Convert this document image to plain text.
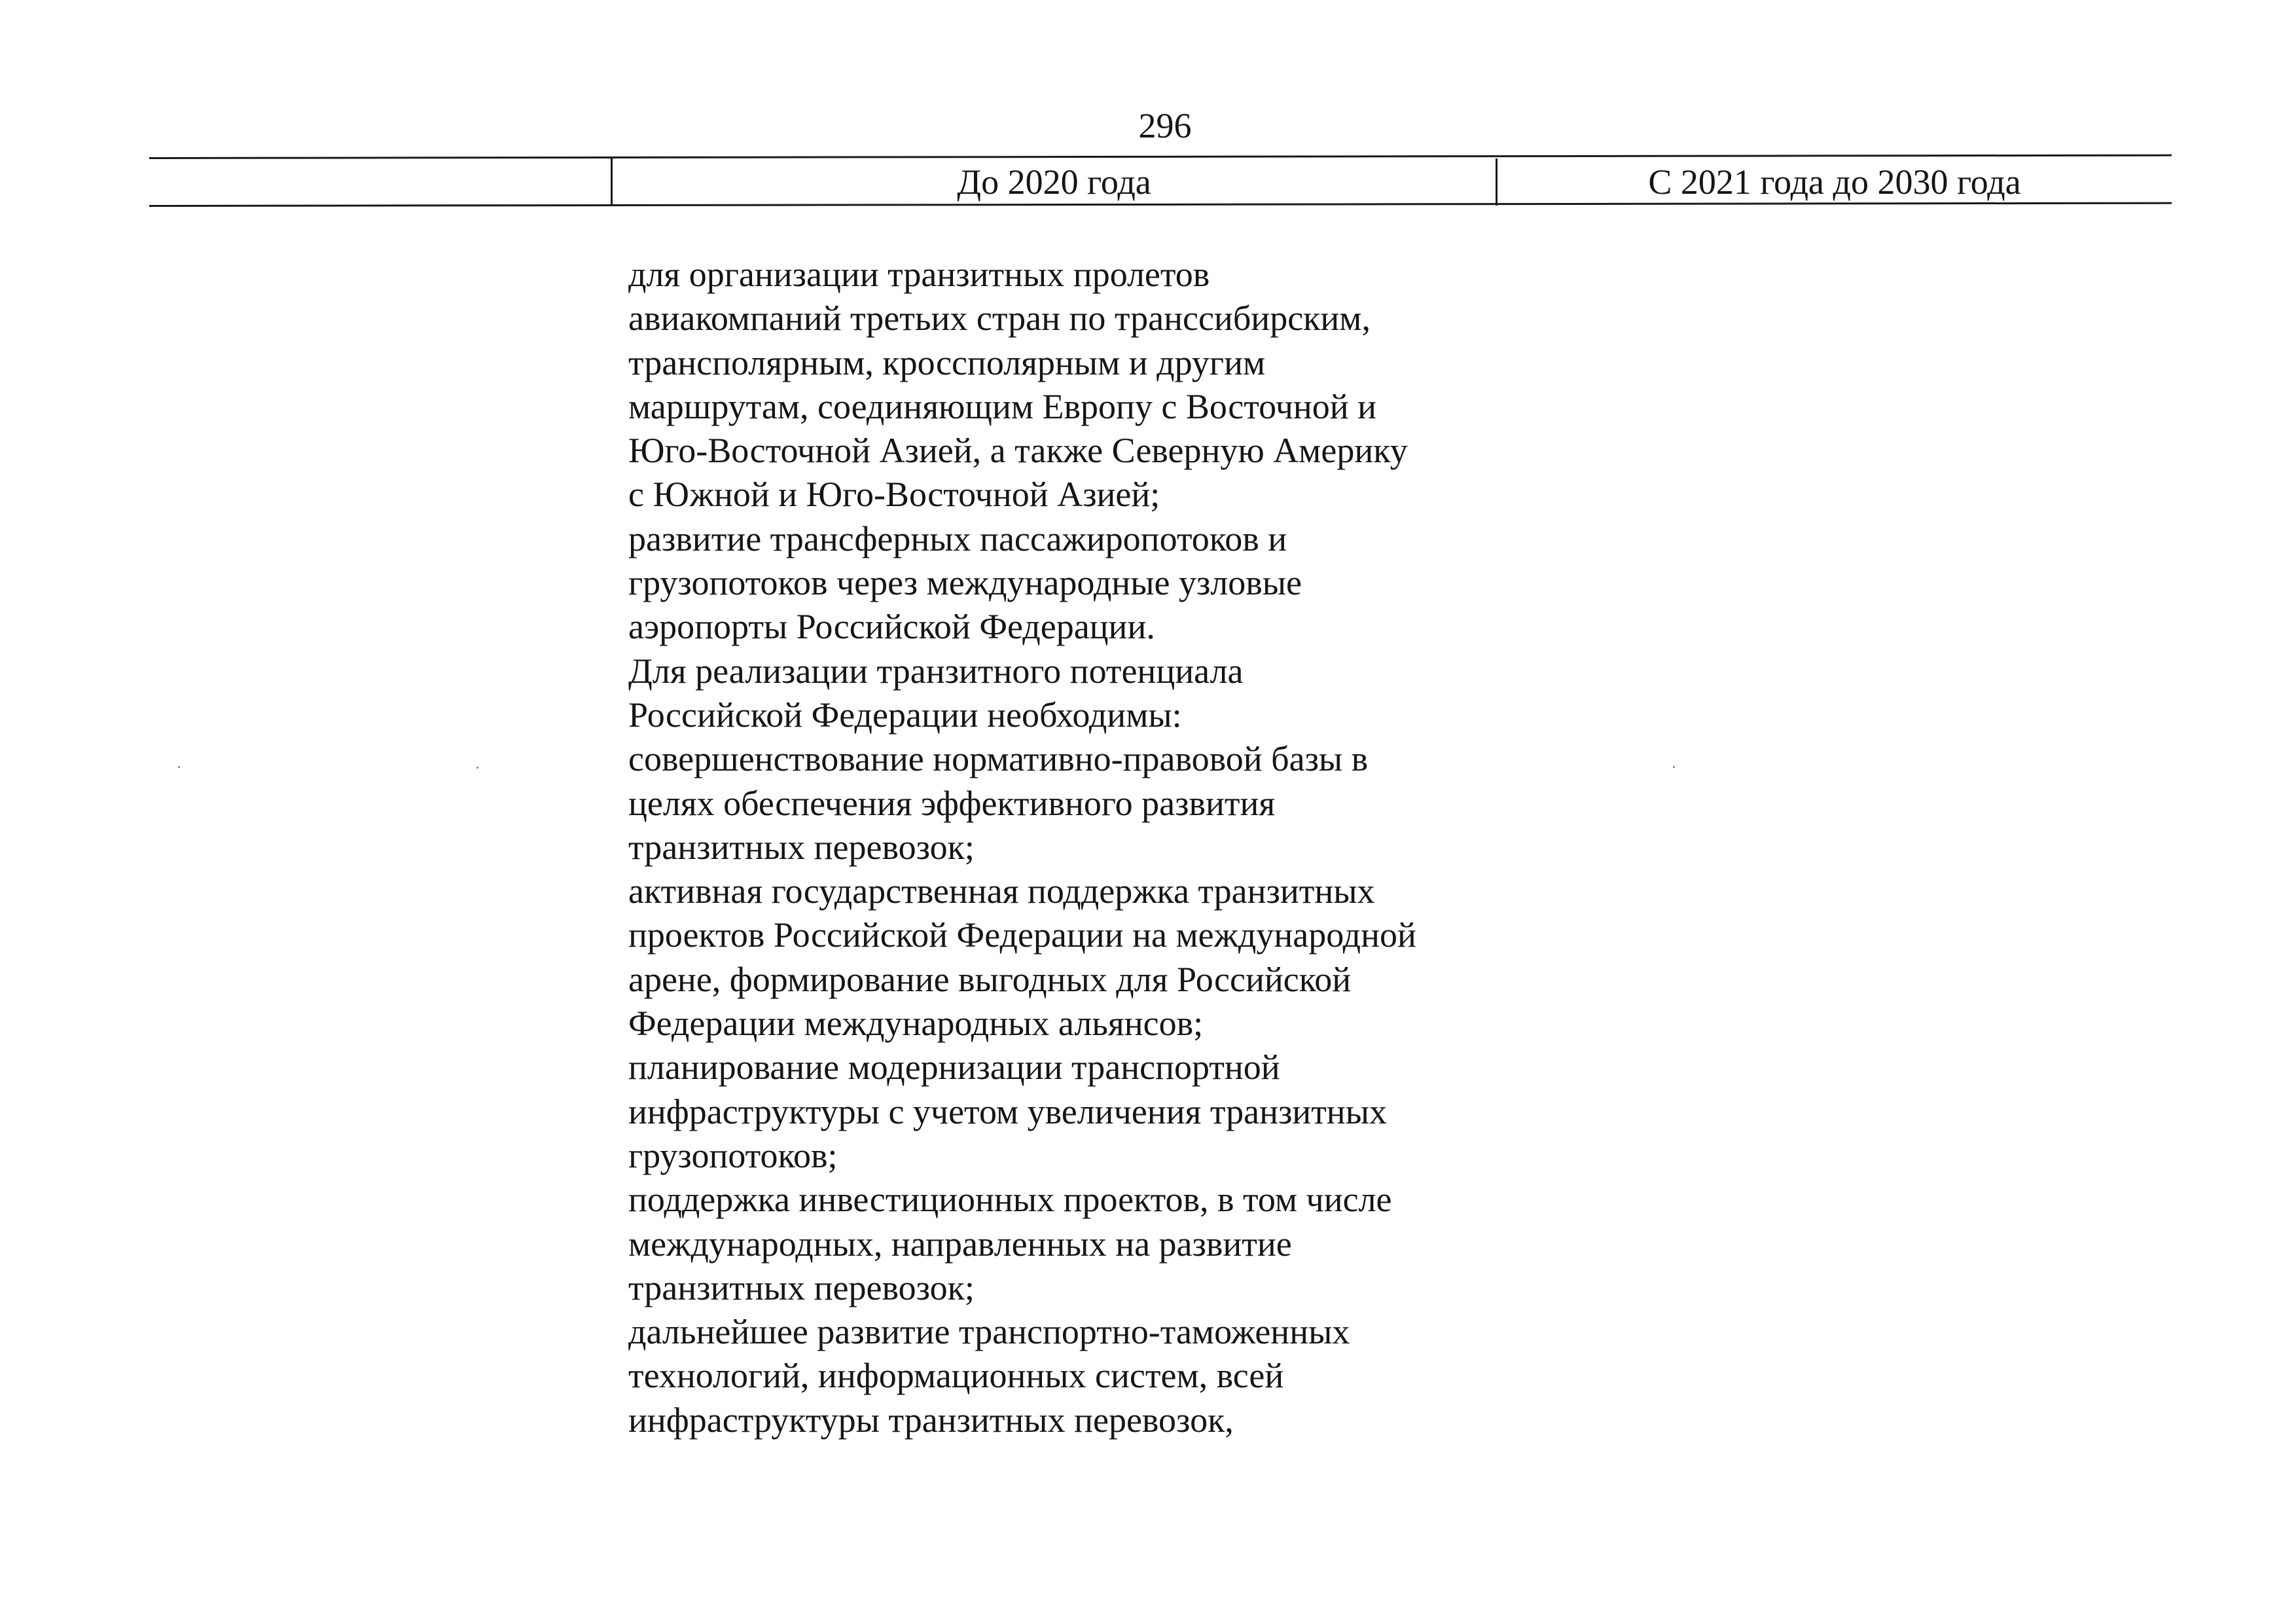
296
До 2020 года	С 2021 года до 2030 года
для организации транзитных пролетов
авиакомпаний третьих стран по транссибирским,
трансполярным, кроссполярным и другим
маршрутам, соединяющим Европу с Восточной и
Юго-Восточной Азией, а также Северную Америку
с Южной и Юго-Восточной Азией;
развитие трансферных пассажиропотоков и
грузопотоков через международные узловые
аэропорты Российской Федерации.
Для реализации транзитного потенциала
Российской Федерации необходимы:
совершенствование нормативно-правовой базы в
целях обеспечения эффективного развития
транзитных перевозок;
активная государственная поддержка транзитных
проектов Российской Федерации на международной
арене, формирование выгодных для Российской
Федерации международных альянсов;
планирование модернизации транспортной
инфраструктуры с учетом увеличения транзитных
грузопотоков;
поддержка инвестиционных проектов, в том числе
международных, направленных на развитие
транзитных перевозок;
дальнейшее развитие транспортно-таможенных
технологий, информационных систем, всей
инфраструктуры транзитных перевозок,
